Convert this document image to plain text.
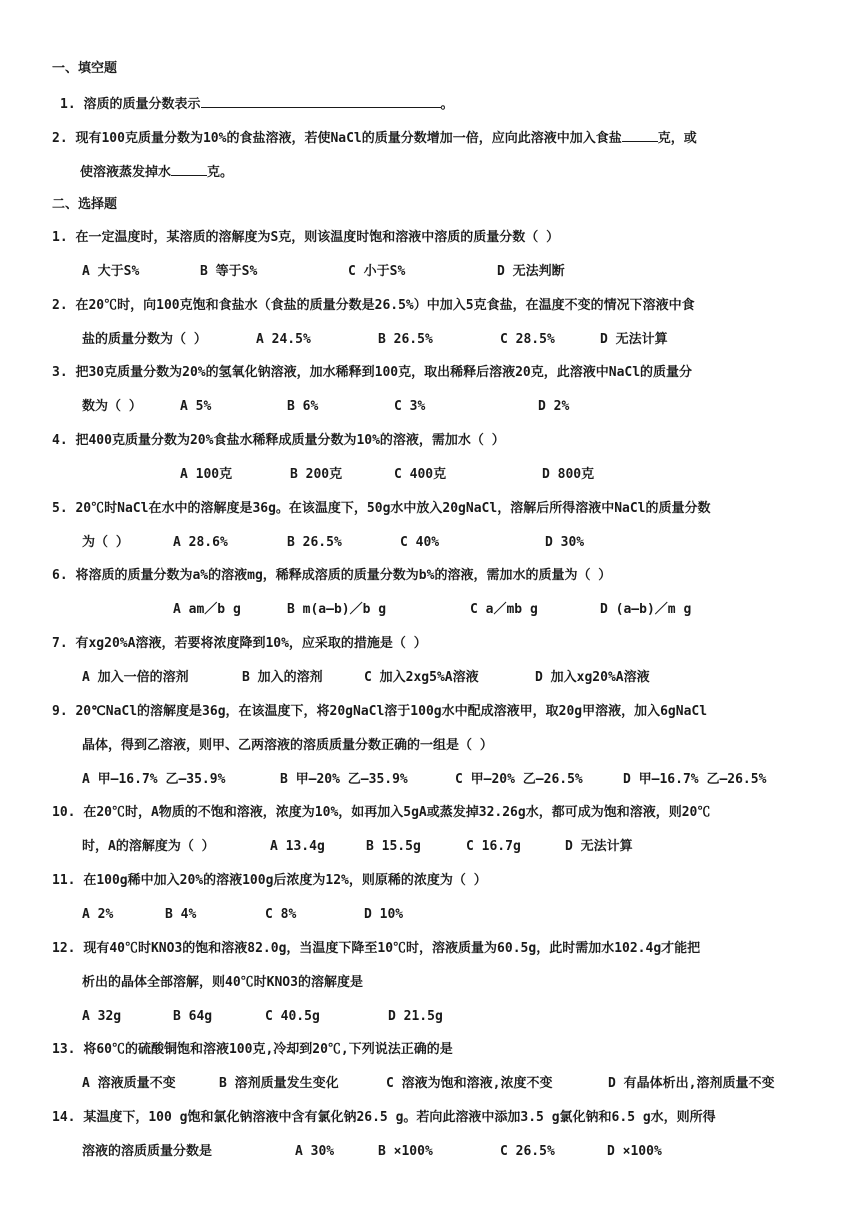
一、填空题
1. 溶质的质量分数表示	。
2. 现有100克质量分数为10%的食盐溶液，若使NaCl的质量分数增加一倍，应向此溶液中加入食盐	克，或
使溶液蒸发掉水	克。
二、选择题
1. 在一定温度时，某溶质的溶解度为S克，则该温度时饱和溶液中溶质的质量分数（ ）
A 大于S%	B 等于S%	C 小于S%	D 无法判断
2. 在20℃时，向100克饱和食盐水（食盐的质量分数是26.5%）中加入5克食盐，在温度不变的情况下溶液中食
盐的质量分数为（ ）	A 24.5%	B 26.5%	C 28.5%	D 无法计算
3. 把30克质量分数为20%的氢氧化钠溶液，加水稀释到100克，取出稀释后溶液20克，此溶液中NaCl的质量分
数为（ ）	A 5%	B 6%	C 3%	D 2%
4. 把400克质量分数为20%食盐水稀释成质量分数为10%的溶液，需加水（ ）
A 100克	B 200克	C 400克	D 800克
5. 20℃时NaCl在水中的溶解度是36g。在该温度下，50g水中放入20gNaCl，溶解后所得溶液中NaCl的质量分数
为（ ）	A 28.6%	B 26.5%	C 40%	D 30%
6. 将溶质的质量分数为a%的溶液mg，稀释成溶质的质量分数为b%的溶液，需加水的质量为（ ）
A am／b g	B m(a—b)／b g	C a／mb g	D (a—b)／m g
7. 有xg20%A溶液，若要将浓度降到10%，应采取的措施是（ ）
A 加入一倍的溶剂	B 加入的溶剂	C 加入2xg5%A溶液	D 加入xg20%A溶液
9. 20℃NaCl的溶解度是36g，在该温度下，将20gNaCl溶于100g水中配成溶液甲，取20g甲溶液，加入6gNaCl
晶体，得到乙溶液，则甲、乙两溶液的溶质质量分数正确的一组是（ ）
A 甲—16.7% 乙—35.9%	B 甲—20% 乙—35.9%	C 甲—20% 乙—26.5%	D 甲—16.7% 乙—26.5%
10. 在20℃时，A物质的不饱和溶液，浓度为10%，如再加入5gA或蒸发掉32.26g水，都可成为饱和溶液，则20℃
时，A的溶解度为（ ）	A 13.4g	B 15.5g	C 16.7g	D 无法计算
11. 在100g稀中加入20%的溶液100g后浓度为12%，则原稀的浓度为（ ）
A 2%	B 4%	C 8%	D 10%
12. 现有40℃时KNO3的饱和溶液82.0g，当温度下降至10℃时，溶液质量为60.5g，此时需加水102.4g才能把
析出的晶体全部溶解，则40℃时KNO3的溶解度是
A 32g	B 64g	C 40.5g	D 21.5g
13. 将60℃的硫酸铜饱和溶液100克,冷却到20℃,下列说法正确的是
A 溶液质量不变	B 溶剂质量发生变化	C 溶液为饱和溶液,浓度不变	D 有晶体析出,溶剂质量不变
14. 某温度下，100 g饱和氯化钠溶液中含有氯化钠26.5 g。若向此溶液中添加3.5 g氯化钠和6.5 g水，则所得
溶液的溶质质量分数是	A 30%	B ×100%	C 26.5%	D ×100%
